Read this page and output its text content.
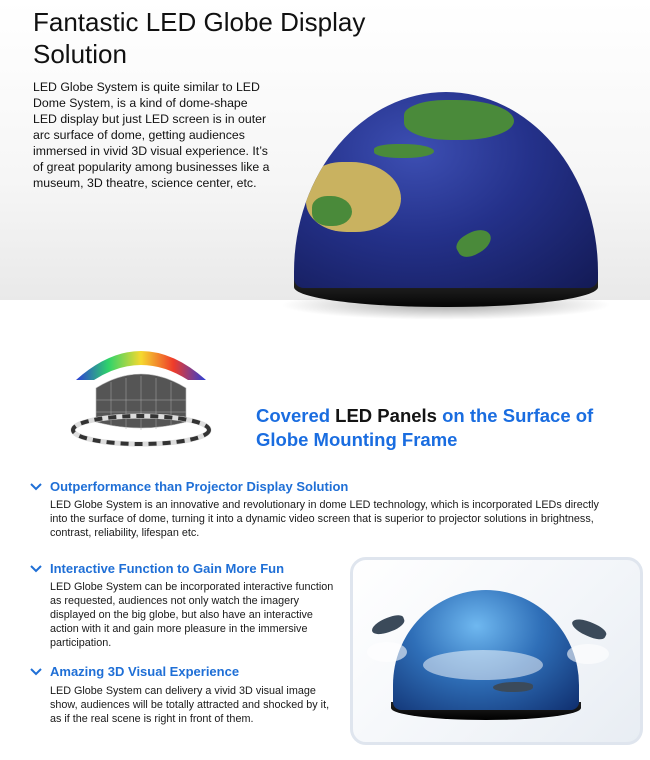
Fantastic LED Globe Display Solution

LED Globe System is quite similar to LED Dome System, is a kind of dome-shape LED display but just LED screen is in outer arc surface of dome, getting audiences immersed in vivid 3D visual experience. It’s of great popularity among businesses like a museum, 3D theatre, science center, etc.

Covered LED Panels on the Surface of Globe Mounting Frame

Outperformance than Projector Display Solution

LED Globe System is an innovative and revolutionary in dome LED technology, which is incorporated LEDs directly into the surface of dome, turning it into a dynamic video screen that is superior to projector solutions in brightness, contrast, reliability, lifespan etc.

Interactive Function to Gain More Fun

LED Globe System can be incorporated interactive function as requested, audiences not only watch the imagery displayed on the big globe, but also have an interactive action with it and gain more pleasure in the immersive participation.

Amazing 3D Visual Experience

LED Globe System can delivery a vivid 3D visual image show, audiences will be totally attracted and shocked by it, as if the real scene is right in front of them.
